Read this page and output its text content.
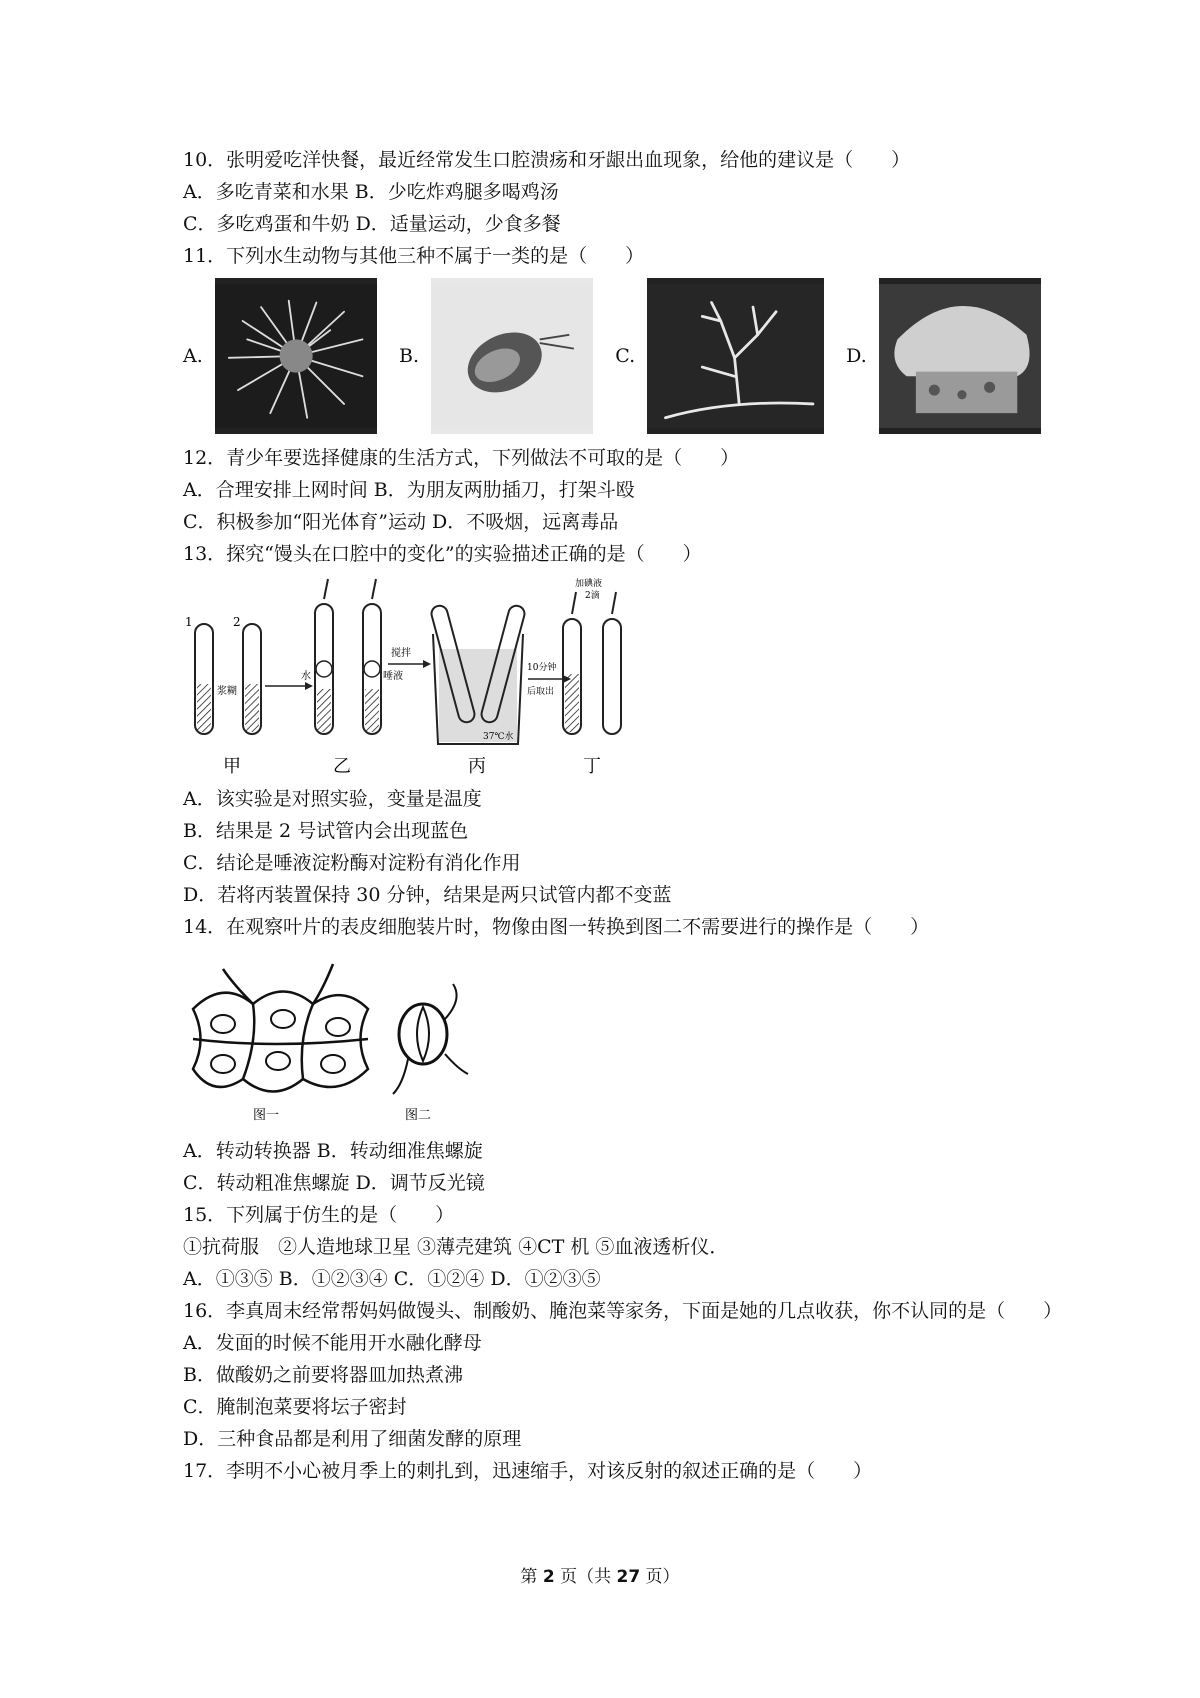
10．张明爱吃洋快餐，最近经常发生口腔溃疡和牙龈出血现象，给他的建议是（　　）
A．多吃青菜和水果 B．少吃炸鸡腿多喝鸡汤
C．多吃鸡蛋和牛奶 D．适量运动，少食多餐
11．下列水生动物与其他三种不属于一类的是（　　）
A.	B.	C.	D.
12．青少年要选择健康的生活方式，下列做法不可取的是（　　）
A．合理安排上网时间 B．为朋友两肋插刀，打架斗殴
C．积极参加“阳光体育”运动 D．不吸烟，远离毒品
13．探究“馒头在口腔中的变化”的实验描述正确的是（　　）
1	2
浆糊
水	唾液
搅拌
37℃水
10分钟
后取出
加碘液
2滴
甲	乙	丙	丁
A．该实验是对照实验，变量是温度
B．结果是 2 号试管内会出现蓝色
C．结论是唾液淀粉酶对淀粉有消化作用
D．若将丙装置保持 30 分钟，结果是两只试管内都不变蓝
14．在观察叶片的表皮细胞装片时，物像由图一转换到图二不需要进行的操作是（　　）
图一	图二
A．转动转换器 B．转动细准焦螺旋
C．转动粗准焦螺旋 D．调节反光镜
15．下列属于仿生的是（　　）
①抗荷服　②人造地球卫星 ③薄壳建筑 ④CT 机 ⑤血液透析仪．
A．①③⑤ B．①②③④ C．①②④ D．①②③⑤
16．李真周末经常帮妈妈做馒头、制酸奶、腌泡菜等家务，下面是她的几点收获，你不认同的是（　　）
A．发面的时候不能用开水融化酵母
B．做酸奶之前要将器皿加热煮沸
C．腌制泡菜要将坛子密封
D．三种食品都是利用了细菌发酵的原理
17．李明不小心被月季上的刺扎到，迅速缩手，对该反射的叙述正确的是（　　）
第 2 页（共 27 页）
